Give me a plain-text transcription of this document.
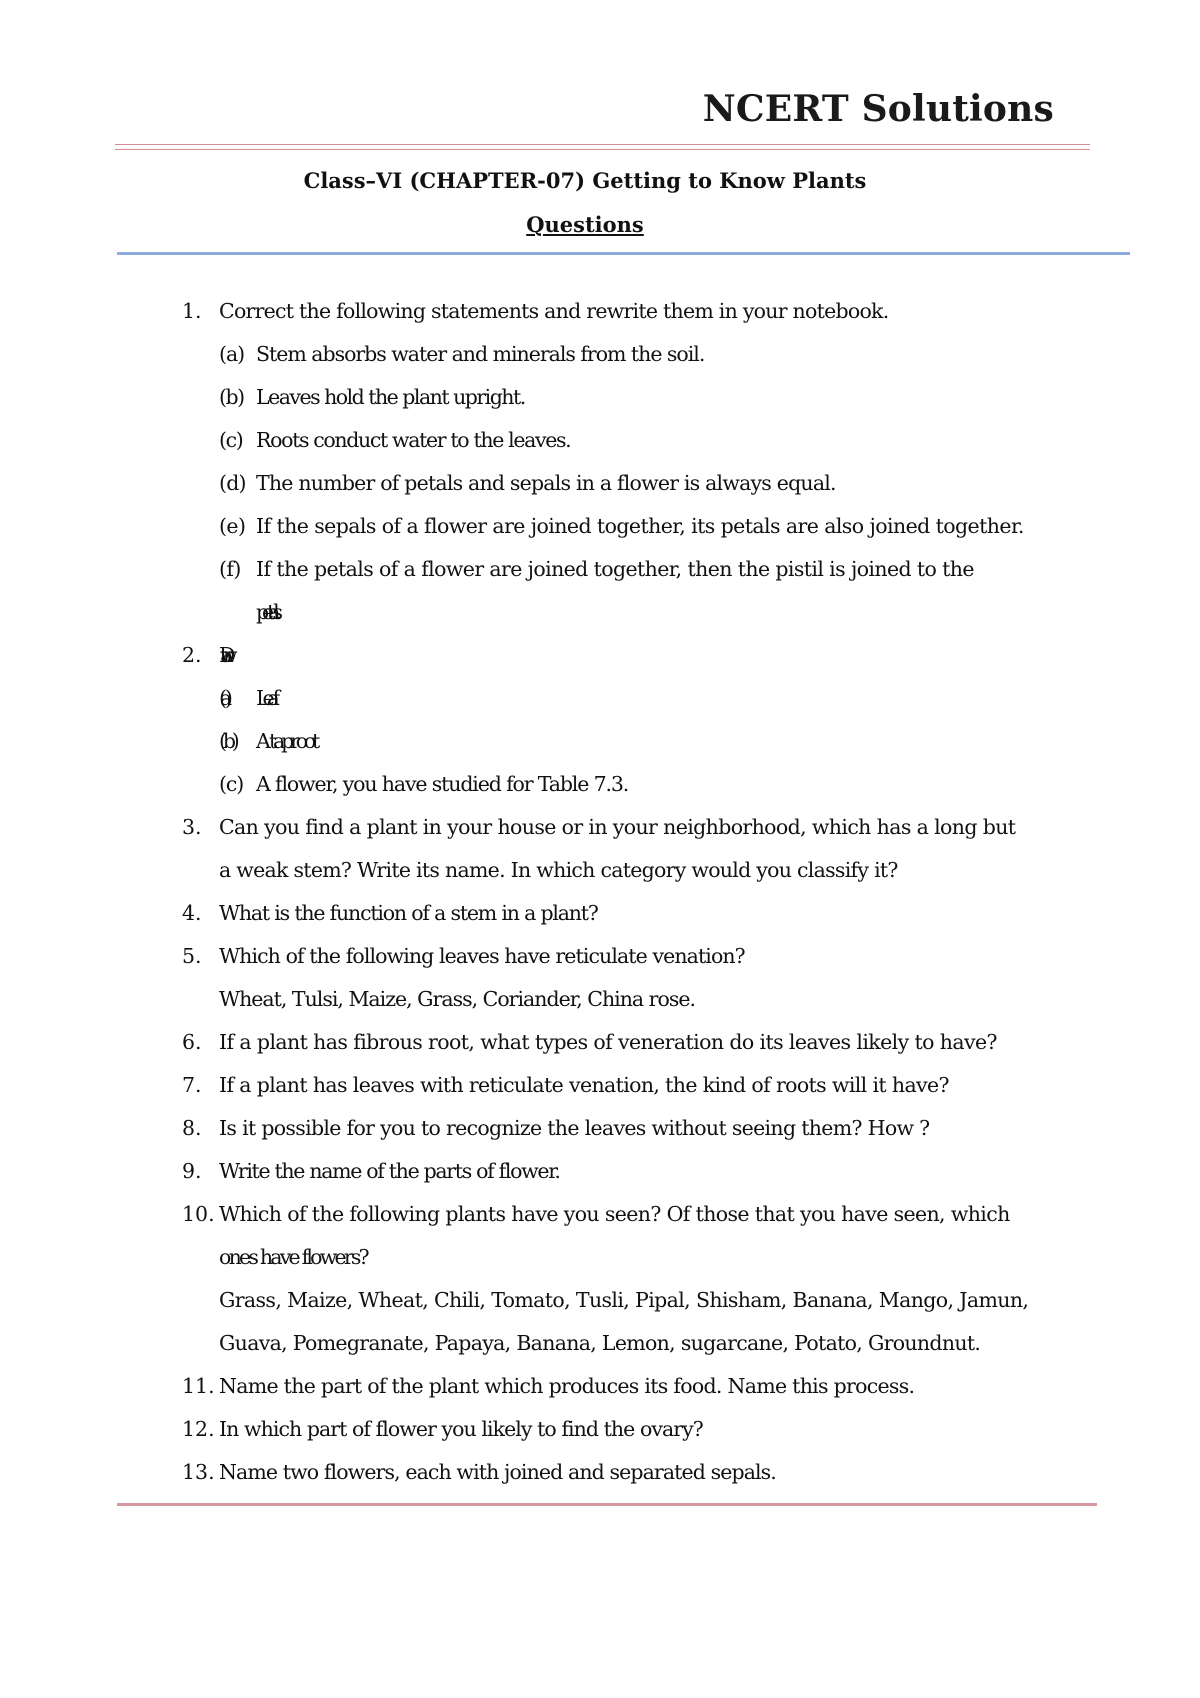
NCERT Solutions
Class–VI (CHAPTER-07) Getting to Know Plants
Questions
1. Correct the following statements and rewrite them in your notebook.
(a) Stem absorbs water and minerals from the soil.
(b) Leaves hold the plant upright.
(c) Roots conduct water to the leaves.
(d) The number of petals and sepals in a flower is always equal.
(e) If the sepals of a flower are joined together, its petals are also joined together.
(f) If the petals of a flower are joined together, then the pistil is joined to the
petals.
2. Draw
(a) Leaf
(b) A taproot
(c) A flower, you have studied for Table 7.3.
3. Can you find a plant in your house or in your neighborhood, which has a long but
a weak stem? Write its name. In which category would you classify it?
4. What is the function of a stem in a plant?
5. Which of the following leaves have reticulate venation?
Wheat, Tulsi, Maize, Grass, Coriander, China rose.
6. If a plant has fibrous root, what types of veneration do its leaves likely to have?
7. If a plant has leaves with reticulate venation, the kind of roots will it have?
8. Is it possible for you to recognize the leaves without seeing them? How ?
9. Write the name of the parts of flower.
10. Which of the following plants have you seen? Of those that you have seen, which
ones have flowers?
Grass, Maize, Wheat, Chili, Tomato, Tusli, Pipal, Shisham, Banana, Mango, Jamun,
Guava, Pomegranate, Papaya, Banana, Lemon, sugarcane, Potato, Groundnut.
11. Name the part of the plant which produces its food. Name this process.
12. In which part of flower you likely to find the ovary?
13. Name two flowers, each with joined and separated sepals.
